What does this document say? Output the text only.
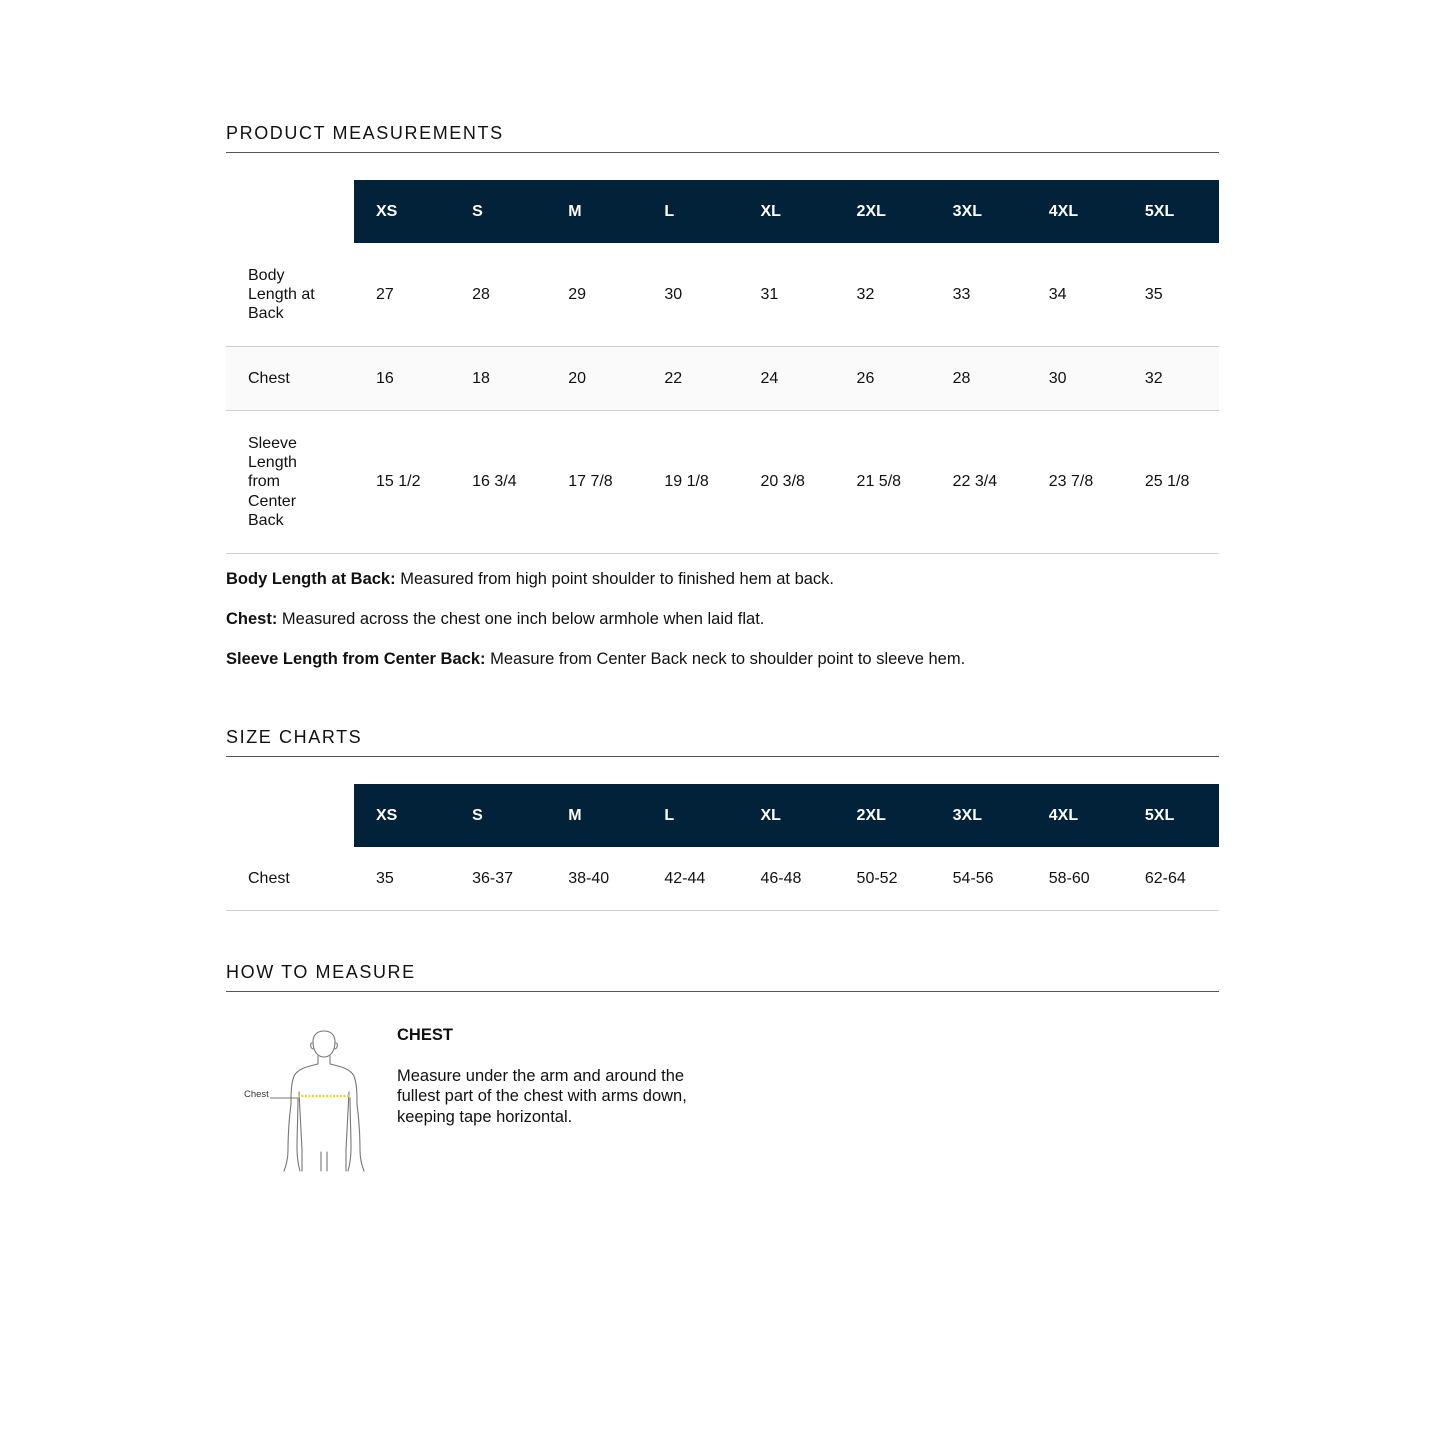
PRODUCT MEASUREMENTS
	XS	S	M	L	XL	2XL	3XL	4XL	5XL

Body Length at Back	27	28	29	30	31	32	33	34	35
Chest	16	18	20	22	24	26	28	30	32

Sleeve Length from Center Back	15 1/2	16 3/4	17 7/8	19 1/8	20 3/8	21 5/8	22 3/4	23 7/8	25 1/8

Body Length at Back: Measured from high point shoulder to finished hem at back.

Chest: Measured across the chest one inch below armhole when laid flat.

Sleeve Length from Center Back: Measure from Center Back neck to shoulder point to sleeve hem.

SIZE CHARTS
	XS	S	M	L	XL	2XL	3XL	4XL	5XL
Chest	35	36-37	38-40	42-44	46-48	50-52	54-56	58-60	62-64
HOW TO MEASURE
Chest

CHEST

Measure under the arm and around the fullest part of the chest with arms down, keeping tape horizontal.
